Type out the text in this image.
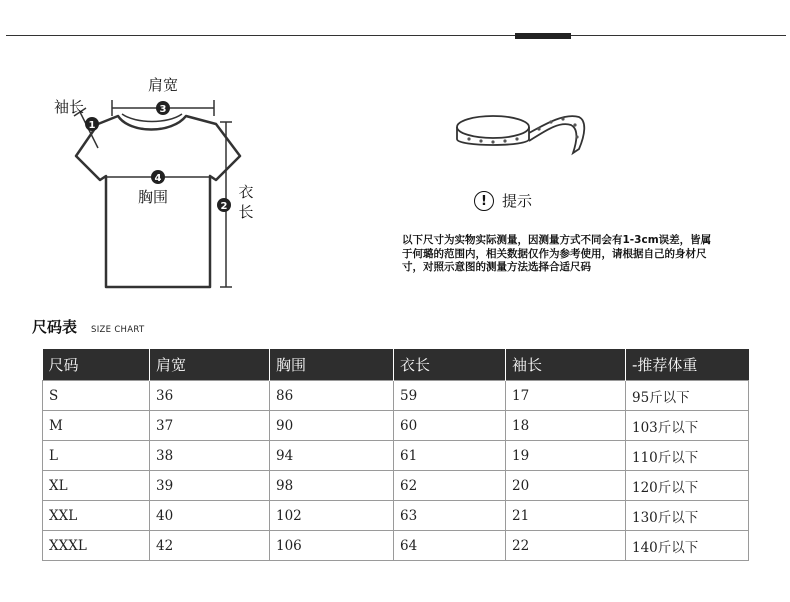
1
2
3
4
袖长
肩宽
胸围	衣长
!	提示
以下尺寸为实物实际测量，因测量方式不同会有1-3cm误差，皆属于何璐的范围内，相关数据仅作为参考使用，请根据自己的身材尺寸，对照示意图的测量方法选择合适尺码
尺码表 SIZE CHART
尺码	肩宽	胸围	衣长	袖长	-推荐体重
S	36	86	59	17	95斤以下
M	37	90	60	18	103斤以下
L	38	94	61	19	110斤以下
XL	39	98	62	20	120斤以下
XXL	40	102	63	21	130斤以下
XXXL	42	106	64	22	140斤以下
